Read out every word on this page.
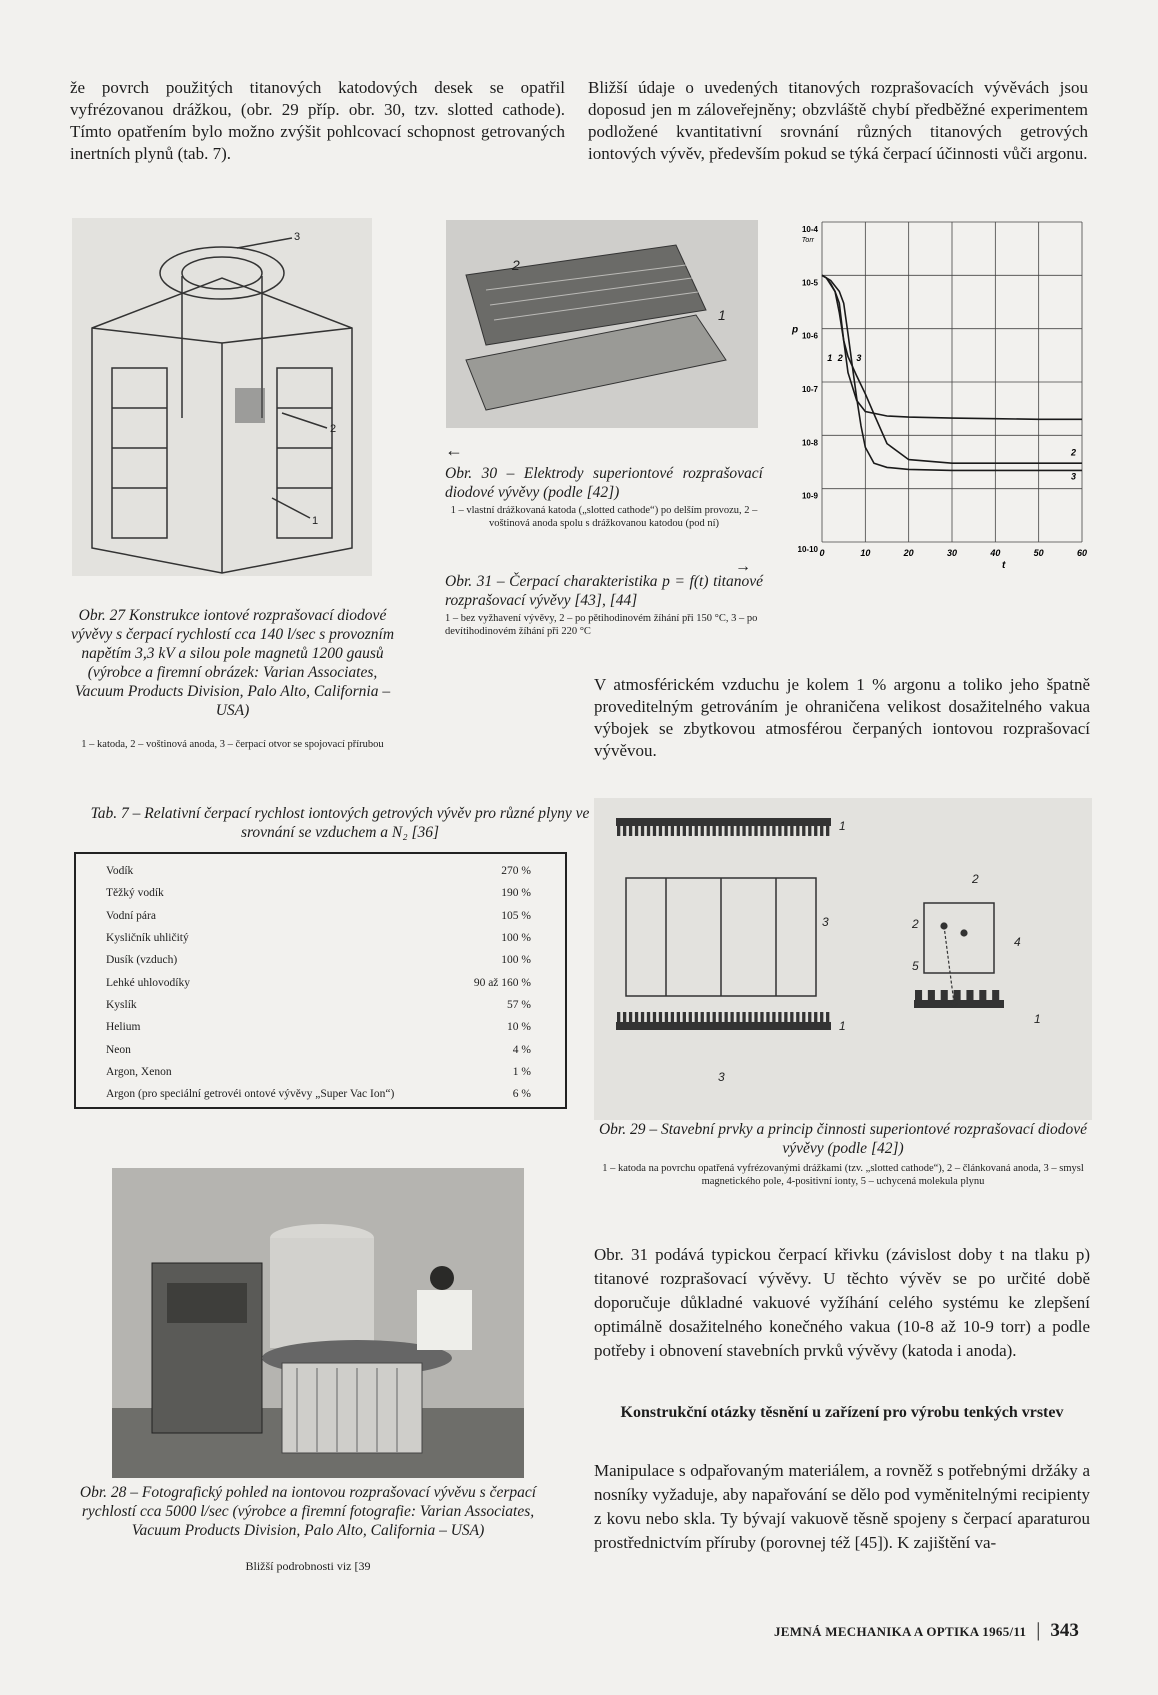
že povrch použitých titanových katodových desek se opatřil vyfrézovanou drážkou, (obr. 29 příp. obr. 30, tzv. slotted cathode). Tímto opatřením bylo možno zvýšit pohlcovací schopnost getrovaných inertních plynů (tab. 7).
Bližší údaje o uvedených titanových rozprašovacích vývěvách jsou doposud jen m záloveřejněny; obzvláště chybí předběžné experimentem podložené kvantitativní srovnání různých titanových getrových iontových vývěv, především pokud se týká čerpací účinnosti vůči argonu.
3
2
1
2
1
←
Obr. 30 – Elektrody superiontové rozprašovací diodové vývěvy (podle [42])
1 – vlastní drážkovaná katoda („slotted cathode“) po delším provozu, 2 – voštinová anoda spolu s drážkovanou katodou (pod ní)
0	10	20	30	40	50	60
10-4
10-5
10-6
10-7
10-8
10-9
10-10
Torr
p
t
1 2
2
3
3
→
Obr. 31 – Čerpací charakteristika p = f(t) titanové rozprašovací vývěvy [43], [44]
1 – bez vyžhavení vývěvy, 2 – po pětihodinovém žíhání při 150 °C, 3 – po devítihodinovém žíhání při 220 °C
Obr. 27 Konstrukce iontové rozprašovací diodové vývěvy s čerpací rychlostí cca 140 l/sec s provozním napětím 3,3 kV a silou pole magnetů 1200 gausů (výrobce a firemní obrázek: Varian Associates, Vacuum Products Division, Palo Alto, California – USA)
1 – katoda, 2 – voštinová anoda, 3 – čerpací otvor se spojovací přírubou
V atmosférickém vzduchu je kolem 1 % argonu a toliko jeho špatně proveditelným getrováním je ohraničena velikost dosažitelného vakua výbojek se zbytkovou atmosférou čerpaných iontovou rozprašovací vývěvou.
Tab. 7 – Relativní čerpací rychlost iontových getrových vývěv pro různé plyny ve srovnání se vzduchem a N₂ [36]
Vodík	270 %
Těžký vodík	190 %
Vodní pára	105 %
Kysličník uhličitý	100 %
Dusík (vzduch)	100 %
Lehké uhlovodíky	90 až 160 %
Kyslík	57 %
Helium	10 %
Neon	4 %
Argon, Xenon	1 %
Argon (pro speciální getrovéi ontové vývěvy „Super Vac Ion“)	6 %
1
2
3
1
3
2
4
5
1
Obr. 29 – Stavební prvky a princip činnosti superiontové rozprašovací diodové vývěvy (podle [42])
1 – katoda na povrchu opatřená vyfrézovanými drážkami (tzv. „slotted cathode“), 2 – článkovaná anoda, 3 – smysl magnetického pole, 4-positivní ionty, 5 – uchycená molekula plynu
Obr. 28 – Fotografický pohled na iontovou rozprašovací vývěvu s čerpací rychlostí cca 5000 l/sec (výrobce a firemní fotografie: Varian Associates, Vacuum Products Division, Palo Alto, California – USA)
Bližší podrobnosti viz [39
Obr. 31 podává typickou čerpací křivku (závislost doby t na tlaku p) titanové rozprašovací vývěvy. U těchto vývěv se po určité době doporučuje důkladné vakuové vyžíhání celého systému ke zlepšení optimálně dosažitelného konečného vakua (10-8 až 10-9 torr) a podle potřeby i obnovení stavebních prvků vývěvy (katoda i anoda).
Konstrukční otázky těsnění u zařízení pro výrobu tenkých vrstev
Manipulace s odpařovaným materiálem, a rovněž s potřebnými držáky a nosníky vyžaduje, aby napařování se dělo pod vyměnitelnými recipienty z kovu nebo skla. Ty bývají vakuově těsně spojeny s čerpací aparaturou prostřednictvím příruby (porovnej též [45]). K zajištění va-
JEMNÁ MECHANIKA A OPTIKA 1965/11 | 343
